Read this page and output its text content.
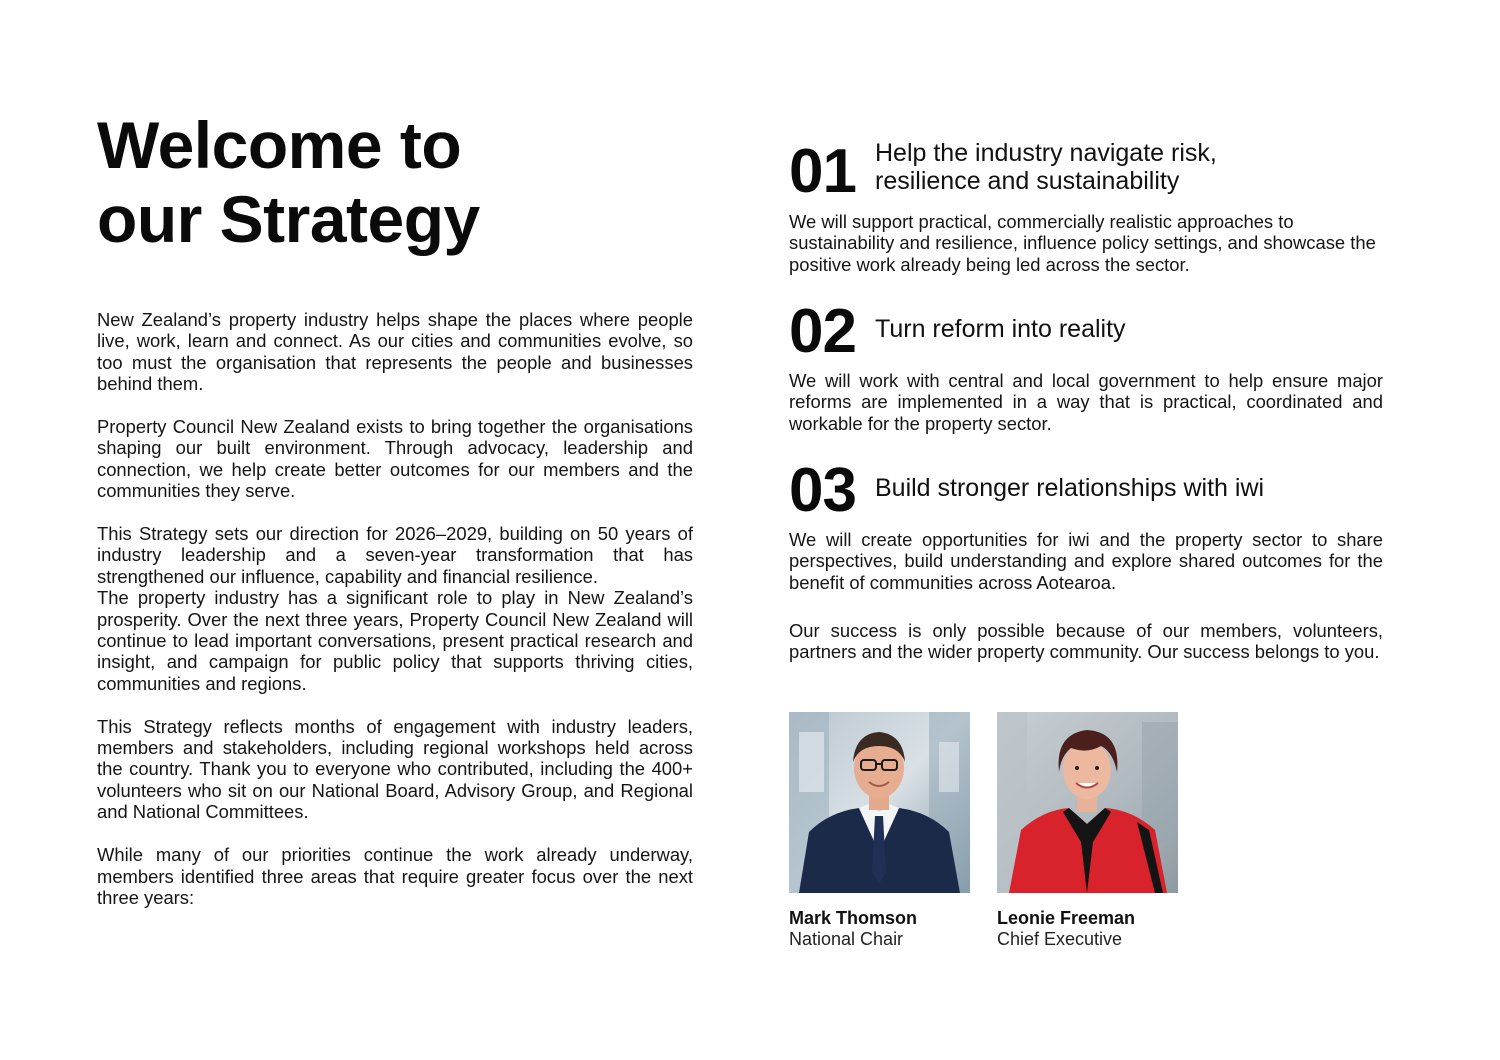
Welcome to
our Strategy

New Zealand’s property industry helps shape the places where people live, work, learn and connect. As our cities and communities evolve, so too must the organisation that represents the people and businesses behind them.

Property Council New Zealand exists to bring together the organisations shaping our built environment. Through advocacy, leadership and connection, we help create better outcomes for our members and the communities they serve.

This Strategy sets our direction for 2026–2029, building on 50 years of industry leadership and a seven-year transformation that has strengthened our influence, capability and financial resilience.

The property industry has a significant role to play in New Zealand’s prosperity. Over the next three years, Property Council New Zealand will continue to lead important conversations, present practical research and insight, and campaign for public policy that supports thriving cities, communities and regions.

This Strategy reflects months of engagement with industry leaders, members and stakeholders, including regional workshops held across the country. Thank you to everyone who contributed, including the 400+ volunteers who sit on our National Board, Advisory Group, and Regional and National Committees.

While many of our priorities continue the work already underway, members identified three areas that require greater focus over the next three years:

01 Help the industry navigate risk,
resilience and sustainability

We will support practical, commercially realistic approaches to sustainability and resilience, influence policy settings, and showcase the positive work already being led across the sector.

02 Turn reform into reality

We will work with central and local government to help ensure major reforms are implemented in a way that is practical, coordinated and workable for the property sector.

03 Build stronger relationships with iwi

We will create opportunities for iwi and the property sector to share perspectives, build understanding and explore shared outcomes for the benefit of communities across Aotearoa.

Our success is only possible because of our members, volunteers, partners and the wider property community. Our success belongs to you.

Mark Thomson
National Chair
Leonie Freeman
Chief Executive
